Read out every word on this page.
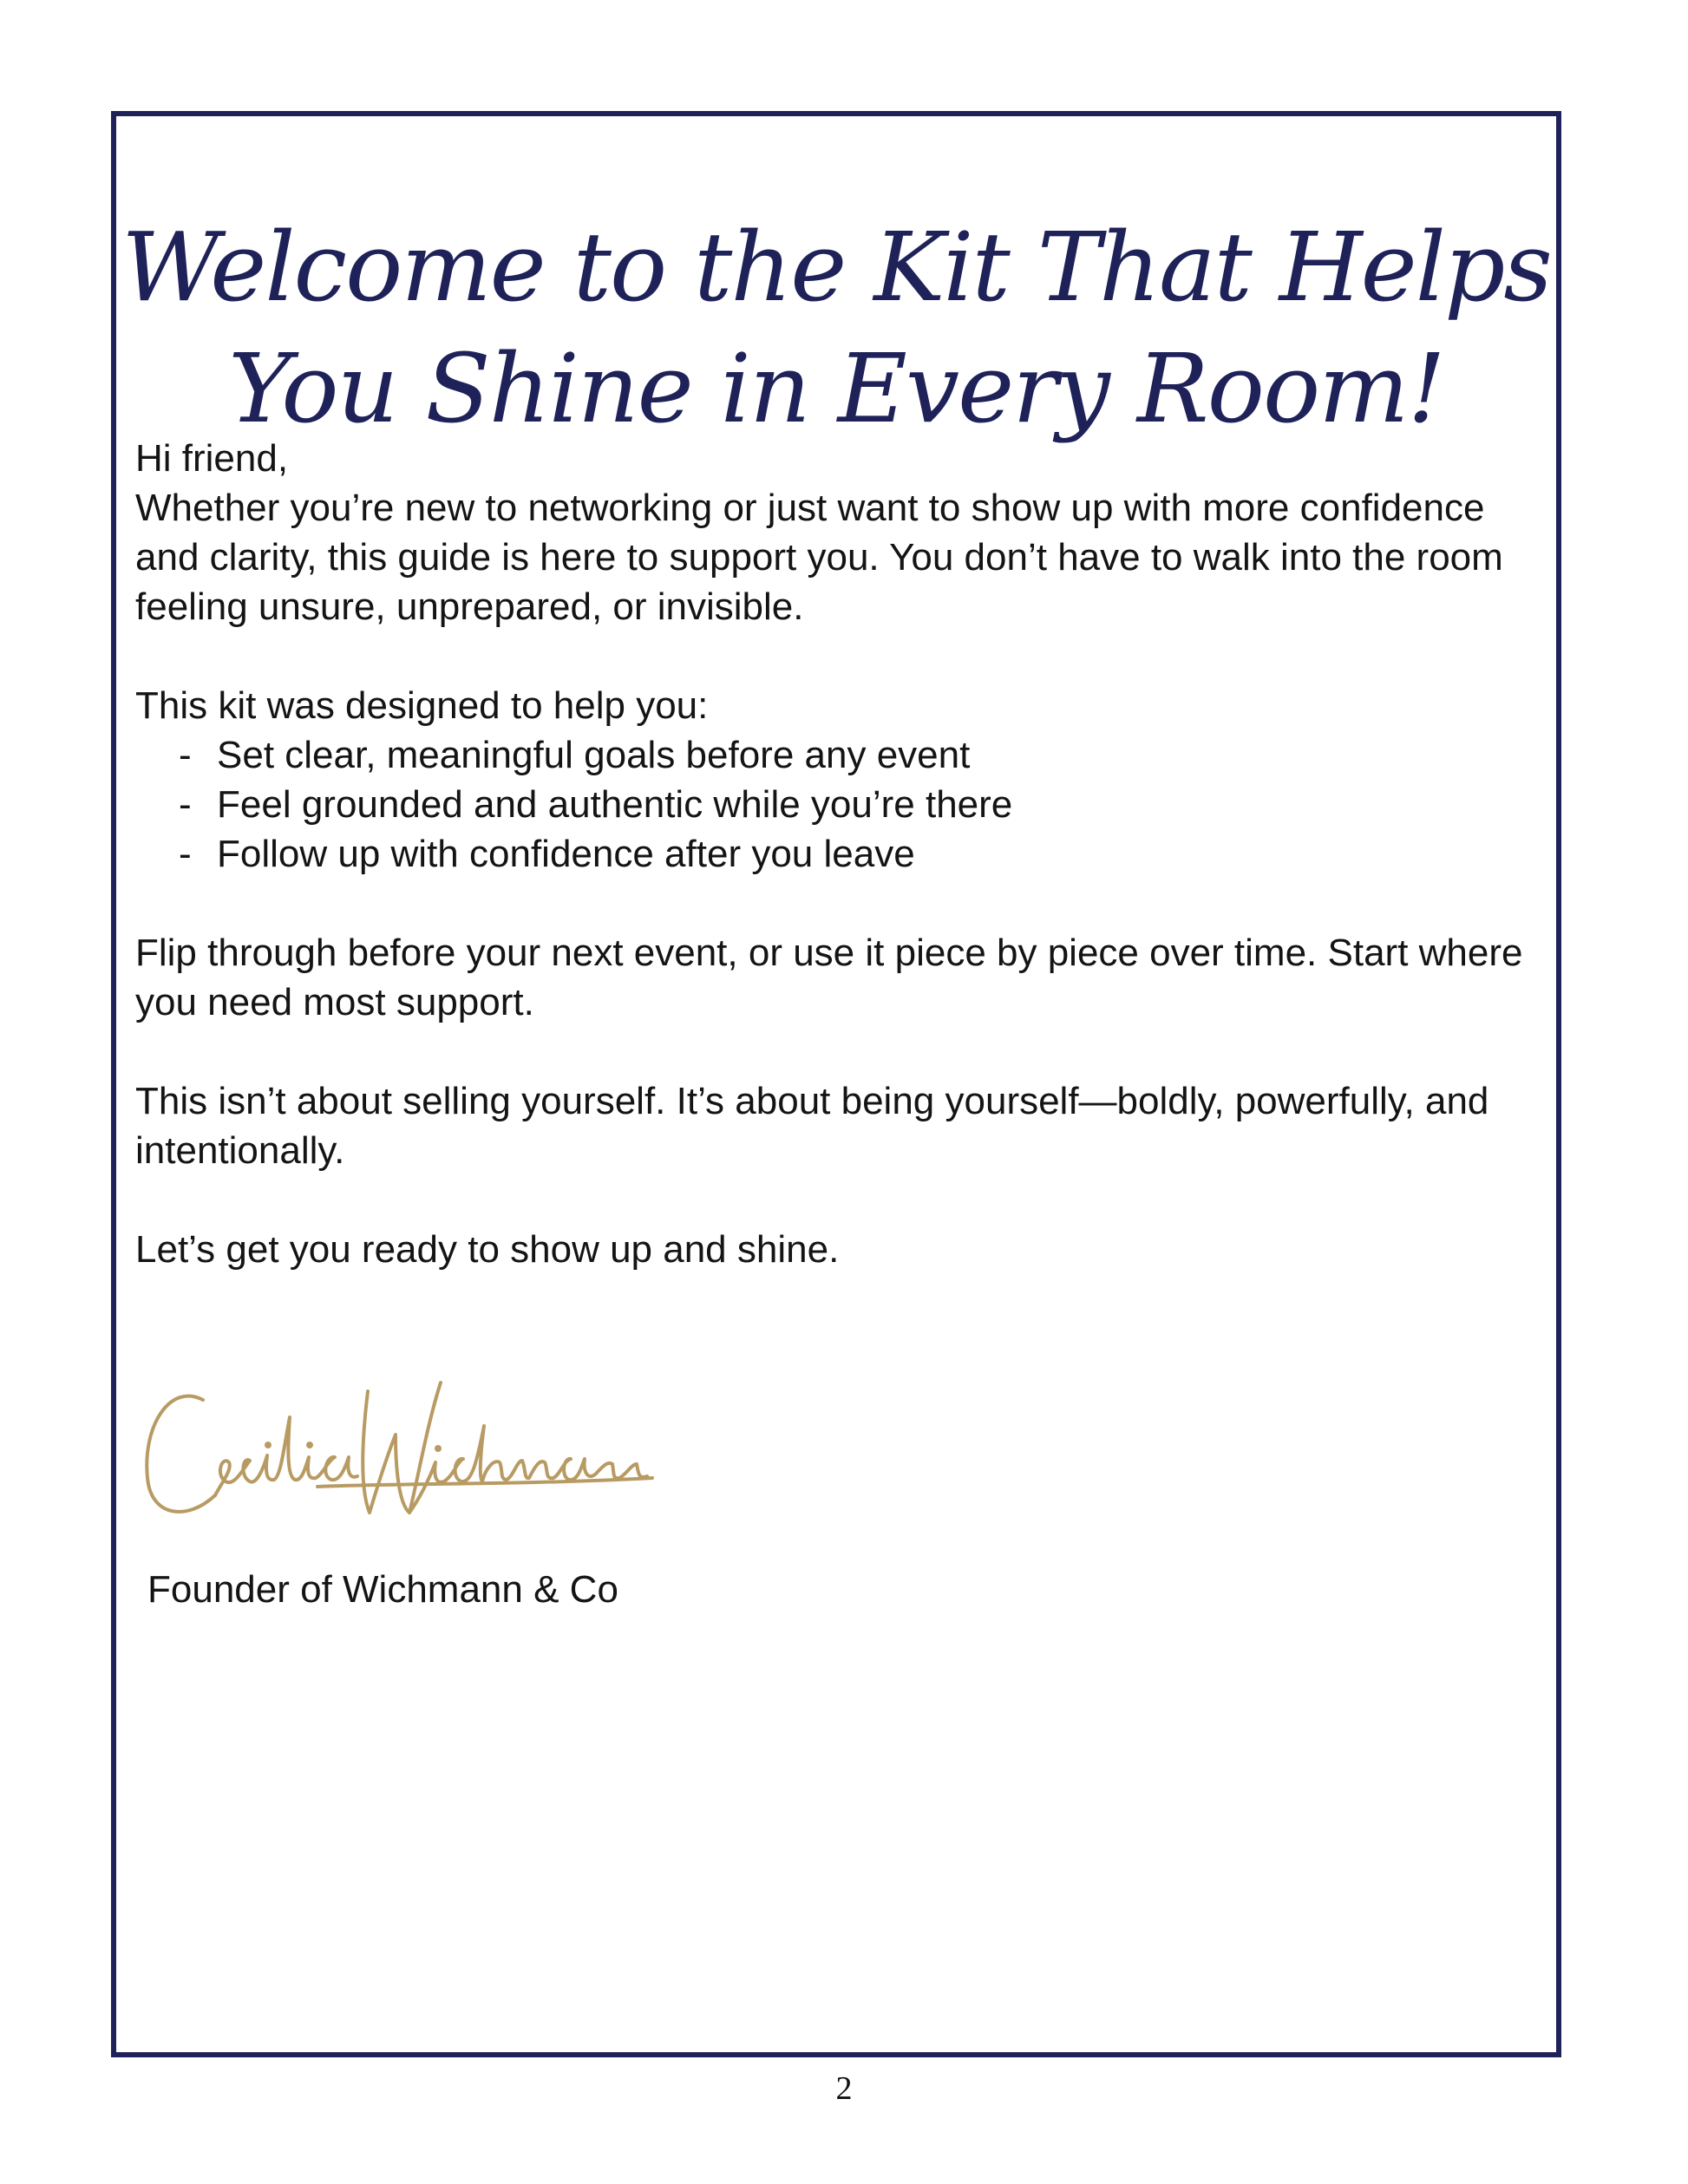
Welcome to the Kit That Helps
You Shine in Every Room!

Hi friend,

Whether you’re new to networking or just want to show up with more confidence and clarity, this guide is here to support you. You don’t have to walk into the room feeling unsure, unprepared, or invisible.

This kit was designed to help you:

- Set clear, meaningful goals before any event
- Feel grounded and authentic while you’re there
- Follow up with confidence after you leave

Flip through before your next event, or use it piece by piece over time. Start where you need most support.

This isn’t about selling yourself. It’s about being yourself—boldly, powerfully, and intentionally.

Let’s get you ready to show up and shine.

Founder of Wichmann & Co
2
